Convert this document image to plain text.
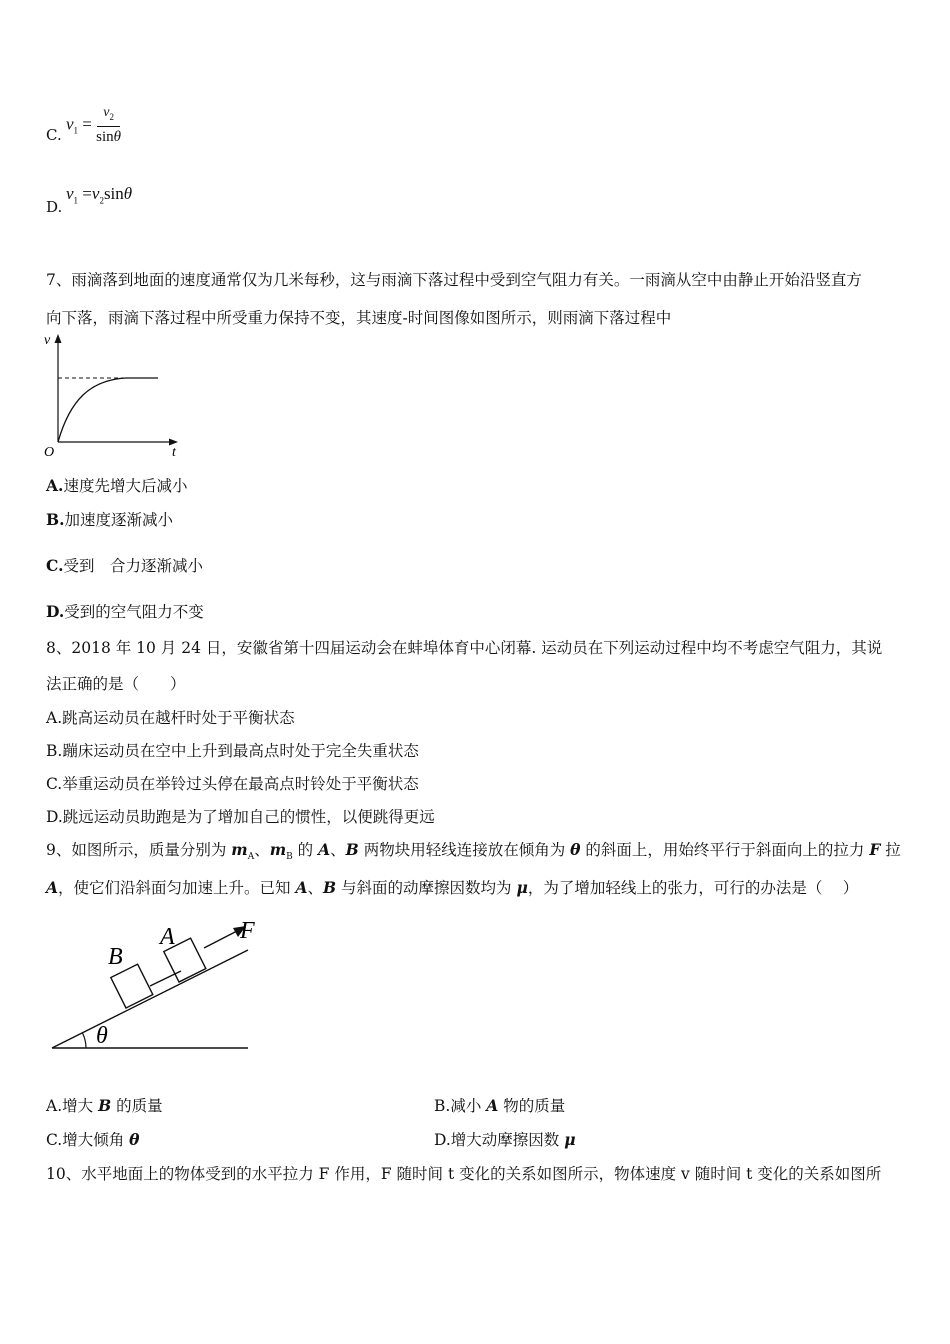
C.
$v_1 = \frac{v_2}{\sin\theta}$
D.
$v_1 =v_2\sin\theta$
7、雨滴落到地面的速度通常仅为几米每秒，这与雨滴下落过程中受到空气阻力有关。一雨滴从空中由静止开始沿竖直方
向下落，雨滴下落过程中所受重力保持不变，其速度-时间图像如图所示，则雨滴下落过程中
v
t
O
A.速度先增大后减小
B.加速度逐渐减小
C.受到　合力逐渐减小
D.受到的空气阻力不变
8、2018 年 10 月 24 日，安徽省第十四届运动会在蚌埠体育中心闭幕. 运动员在下列运动过程中均不考虑空气阻力，其说
法正确的是（　　）
A.跳高运动员在越杆时处于平衡状态
B.蹦床运动员在空中上升到最高点时处于完全失重状态
C.举重运动员在举铃过头停在最高点时铃处于平衡状态
D.跳远运动员助跑是为了增加自己的惯性，以便跳得更远
9、如图所示，质量分别为 $m_A$、$m_B$ 的 A、B 两物块用轻线连接放在倾角为 θ 的斜面上，用始终平行于斜面向上的拉力 F 拉
A，使它们沿斜面匀加速上升。已知 A、B 与斜面的动摩擦因数均为 μ，为了增加轻线上的张力，可行的办法是（　 ）
θ
B
A	F
A.增大 B 的质量	B.减小 A 物的质量
C.增大倾角 θ	D.增大动摩擦因数 μ
10、水平地面上的物体受到的水平拉力 F 作用，F 随时间 t 变化的关系如图所示，物体速度 v 随时间 t 变化的关系如图所
